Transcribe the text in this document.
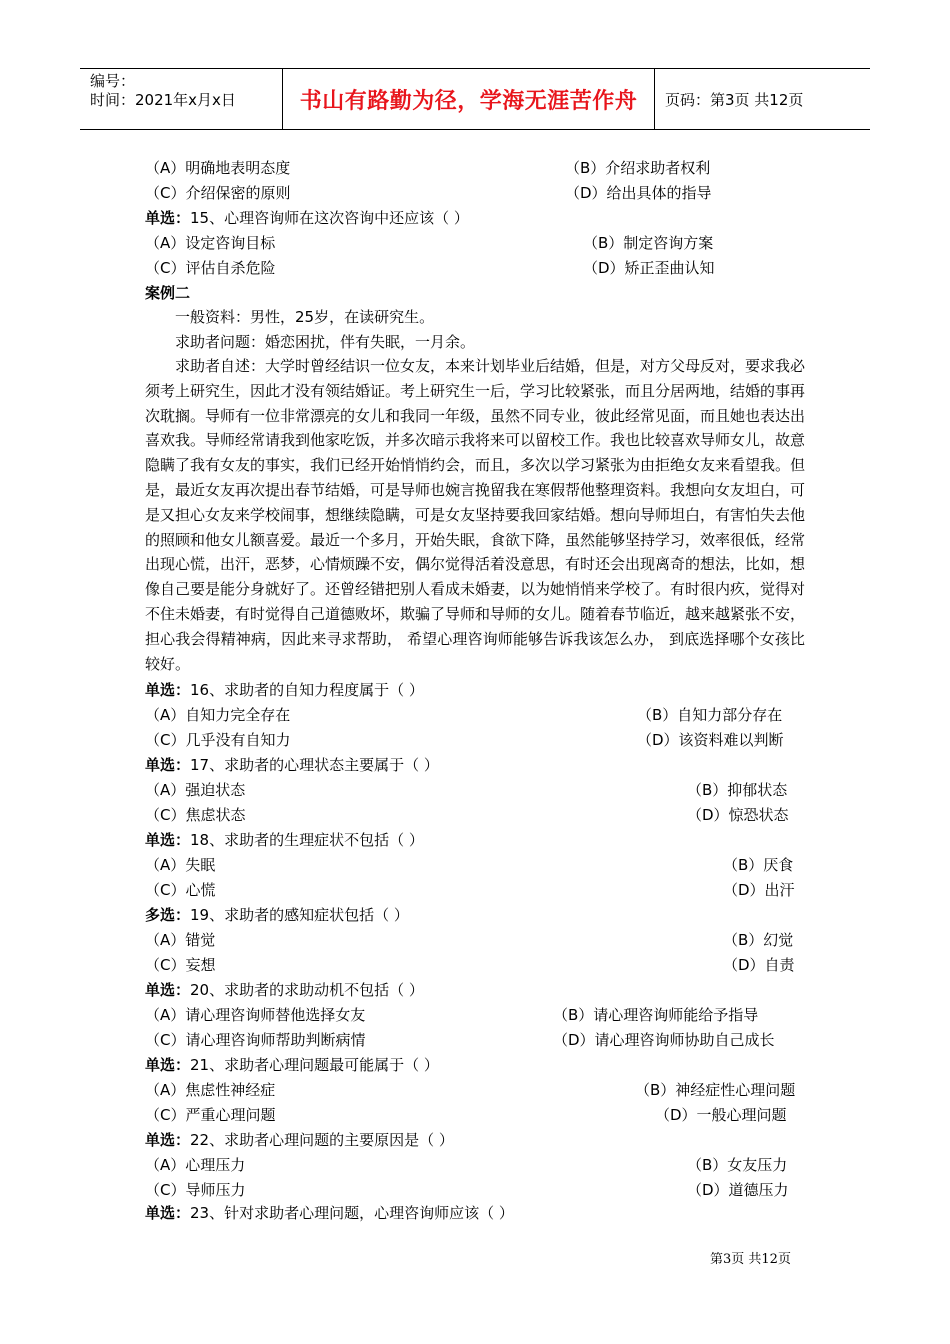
编号：
时间：2021年x月x日	书山有路勤为径，学海无涯苦作舟	页码：第3页 共12页
（A）明确地表明态度	（B）介绍求助者权利
（C）介绍保密的原则	（D）给出具体的指导
单选：15、心理咨询师在这次咨询中还应该（ ）
（A）设定咨询目标	（B）制定咨询方案
（C）评估自杀危险	（D）矫正歪曲认知
案例二
一般资料：男性，25岁，在读研究生。
求助者问题：婚恋困扰，伴有失眠，一月余。
求助者自述：大学时曾经结识一位女友，本来计划毕业后结婚，但是，对方父母反对，要求我必须考上研究生，因此才没有领结婚证。考上研究生一后，学习比较紧张，而且分居两地，结婚的事再次耽搁。导师有一位非常漂亮的女儿和我同一年级，虽然不同专业，彼此经常见面，而且她也表达出喜欢我。导师经常请我到他家吃饭，并多次暗示我将来可以留校工作。我也比较喜欢导师女儿，故意隐瞒了我有女友的事实，我们已经开始悄悄约会，而且，多次以学习紧张为由拒绝女友来看望我。但是，最近女友再次提出春节结婚，可是导师也婉言挽留我在寒假帮他整理资料。我想向女友坦白，可是又担心女友来学校闹事，想继续隐瞒，可是女友坚持要我回家结婚。想向导师坦白，有害怕失去他的照顾和他女儿额喜爱。最近一个多月，开始失眠，食欲下降，虽然能够坚持学习，效率很低，经常出现心慌，出汗，恶梦，心情烦躁不安，偶尔觉得活着没意思，有时还会出现离奇的想法，比如，想像自己要是能分身就好了。还曾经错把别人看成未婚妻，以为她悄悄来学校了。有时很内疚，觉得对不住未婚妻，有时觉得自己道德败坏，欺骗了导师和导师的女儿。随着春节临近，越来越紧张不安，担心我会得精神病，因此来寻求帮助， 希望心理咨询师能够告诉我该怎么办， 到底选择哪个女孩比较好。
单选：16、求助者的自知力程度属于（ ）
（A）自知力完全存在	（B）自知力部分存在
（C）几乎没有自知力	（D）该资料难以判断
单选：17、求助者的心理状态主要属于（ ）
（A）强迫状态	（B）抑郁状态
（C）焦虑状态	（D）惊恐状态
单选：18、求助者的生理症状不包括（ ）
（A）失眠	（B）厌食
（C）心慌	（D）出汗
多选：19、求助者的感知症状包括（ ）
（A）错觉	（B）幻觉
（C）妄想	（D）自责
单选：20、求助者的求助动机不包括（ ）
（A）请心理咨询师替他选择女友	（B）请心理咨询师能给予指导
（C）请心理咨询师帮助判断病情	（D）请心理咨询师协助自己成长
单选：21、求助者心理问题最可能属于（ ）
（A）焦虑性神经症	（B）神经症性心理问题
（C）严重心理问题	（D）一般心理问题
单选：22、求助者心理问题的主要原因是（ ）
（A）心理压力	（B）女友压力
（C）导师压力	（D）道德压力
单选：23、针对求助者心理问题，心理咨询师应该（ ）
第3页 共12页
